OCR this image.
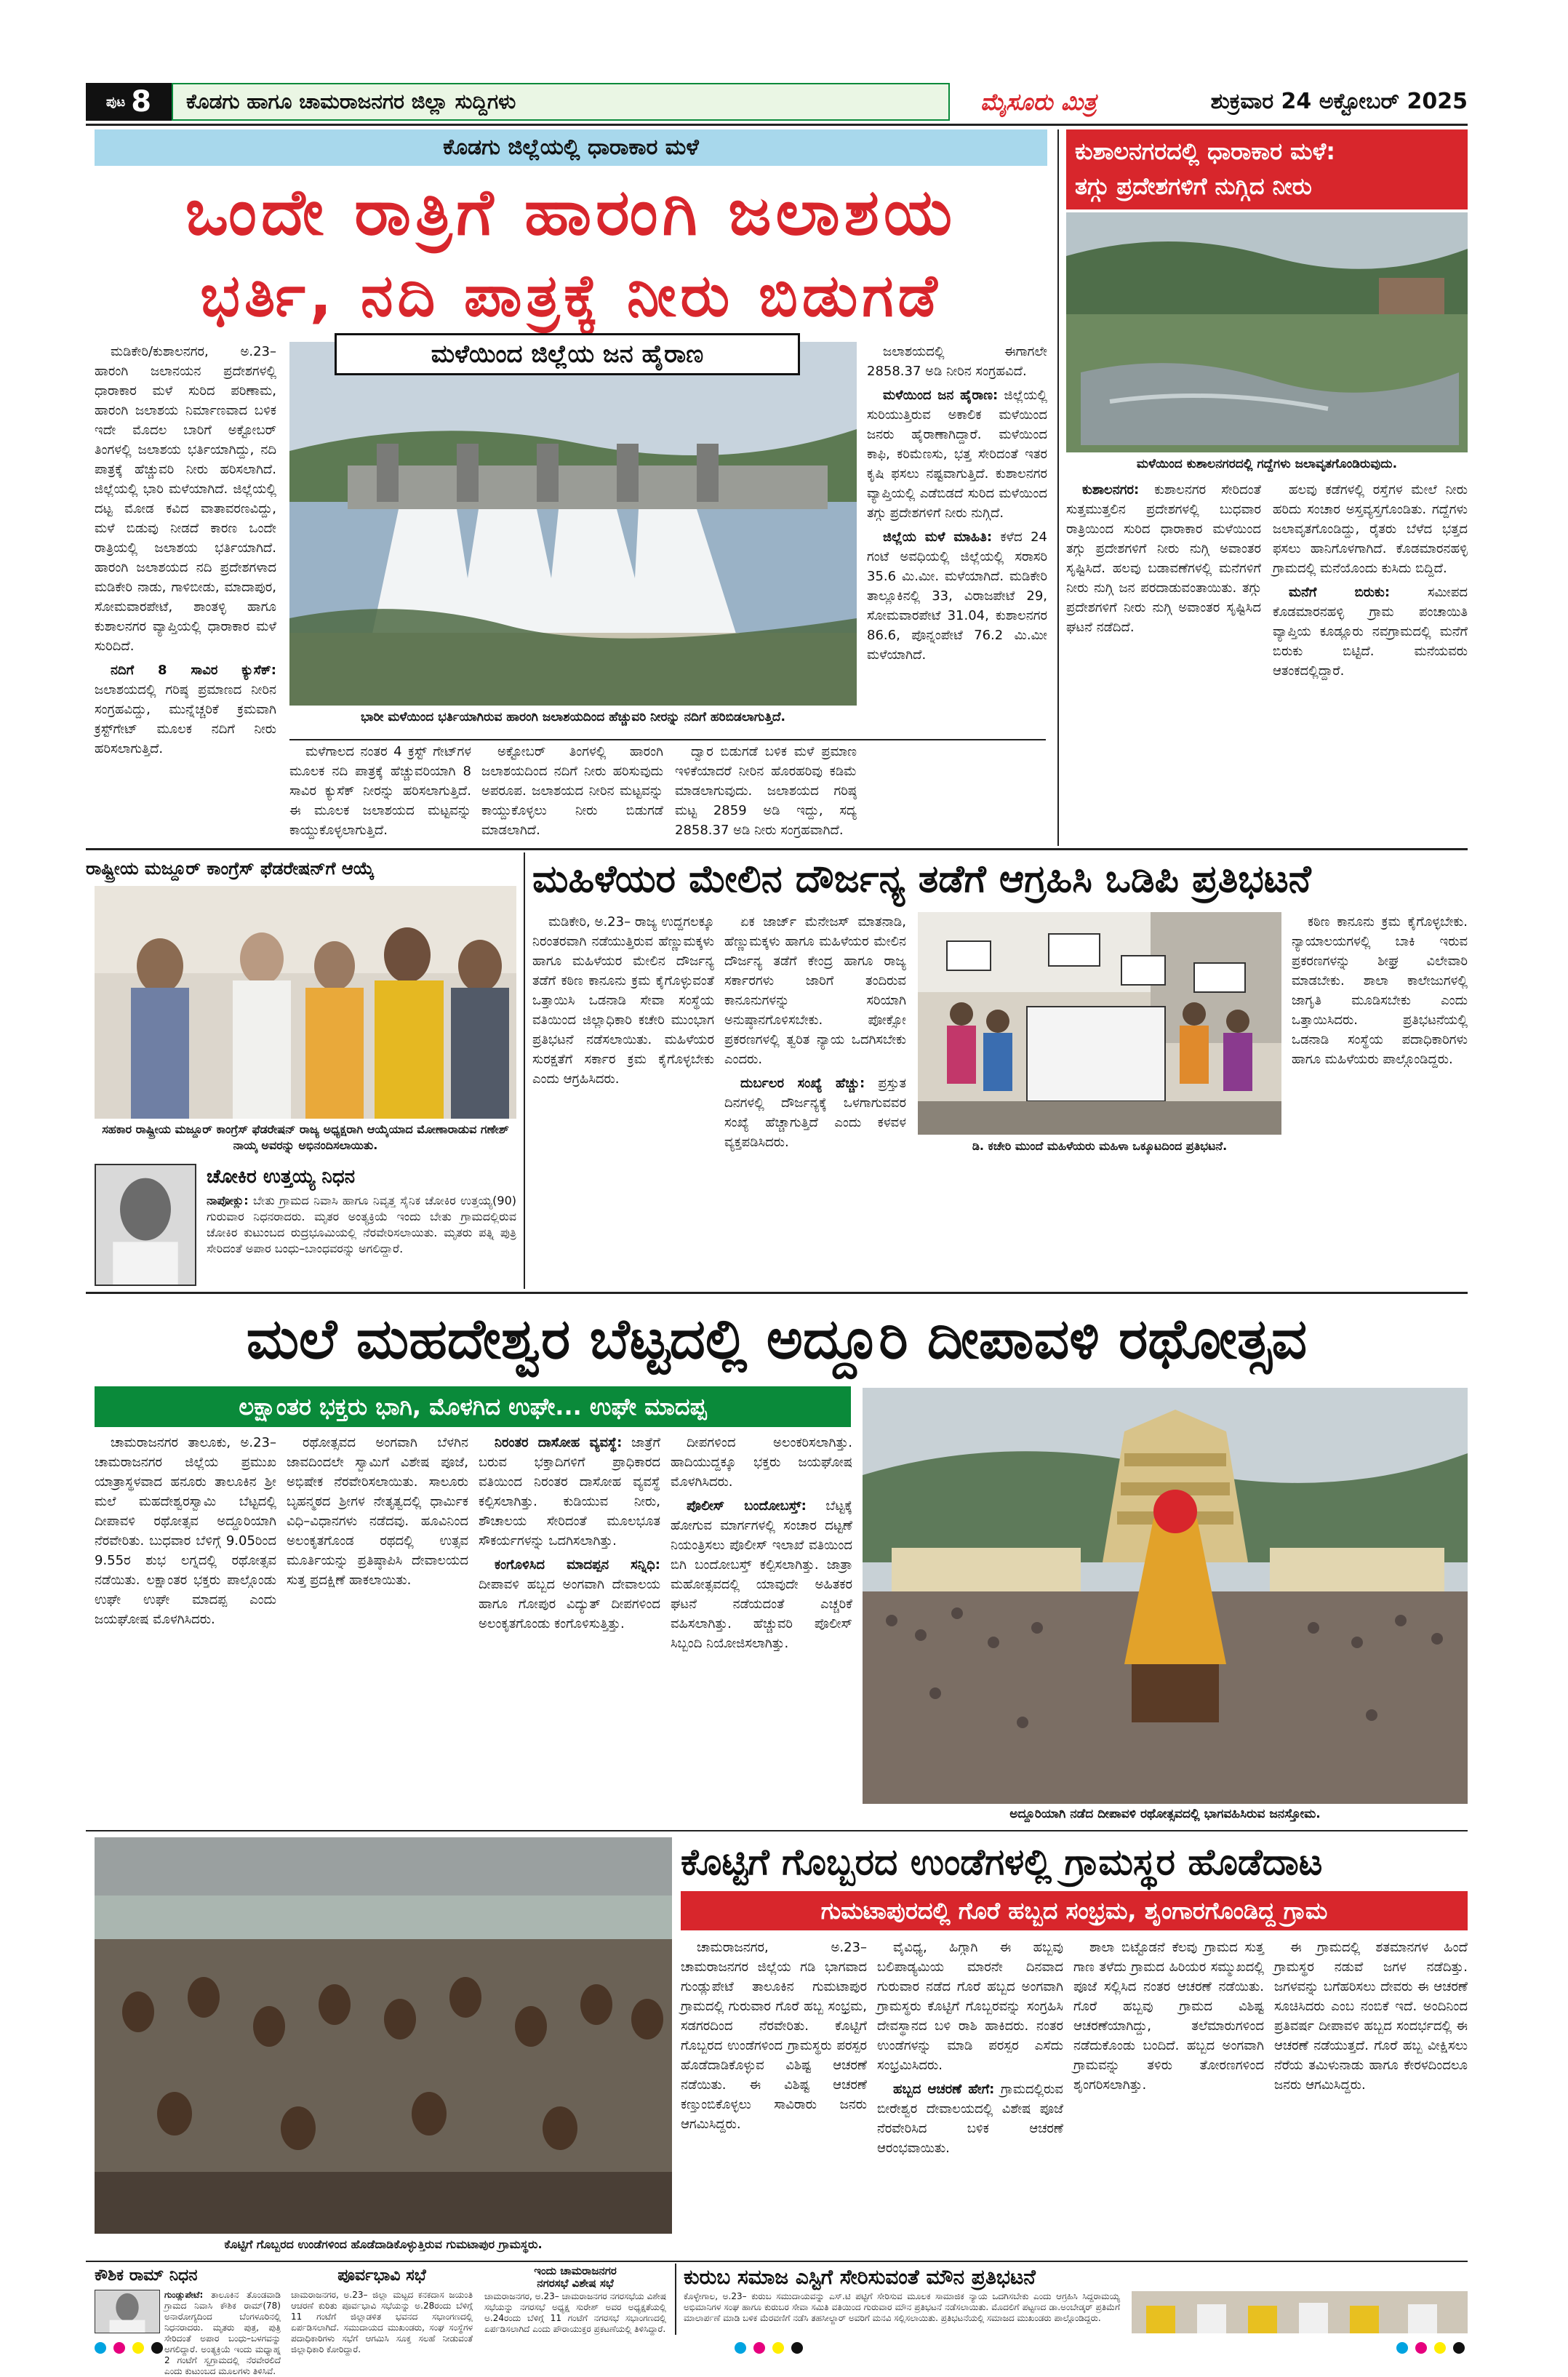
ಪುಟ 8	ಕೊಡಗು ಹಾಗೂ ಚಾಮರಾಜನಗರ ಜಿಲ್ಲಾ ಸುದ್ದಿಗಳು	ಮೈಸೂರು ಮಿತ್ರ	ಶುಕ್ರವಾರ 24 ಅಕ್ಟೋಬರ್ 2025
ಕೊಡಗು ಜಿಲ್ಲೆಯಲ್ಲಿ ಧಾರಾಕಾರ ಮಳೆ
ಒಂದೇ ರಾತ್ರಿಗೆ ಹಾರಂಗಿ ಜಲಾಶಯ
ಭರ್ತಿ, ನದಿ ಪಾತ್ರಕ್ಕೆ ನೀರು ಬಿಡುಗಡೆ

ಮಡಿಕೇರಿ/ಕುಶಾಲನಗರ, ಅ.23– ಹಾರಂಗಿ ಜಲಾನಯನ ಪ್ರದೇಶಗಳಲ್ಲಿ ಧಾರಾಕಾರ ಮಳೆ ಸುರಿದ ಪರಿಣಾಮ, ಹಾರಂಗಿ ಜಲಾಶಯ ನಿರ್ಮಾಣವಾದ ಬಳಿಕ ಇದೇ ಮೊದಲ ಬಾರಿಗೆ ಅಕ್ಟೋಬರ್ ತಿಂಗಳಲ್ಲಿ ಜಲಾಶಯ ಭರ್ತಿಯಾಗಿದ್ದು, ನದಿ ಪಾತ್ರಕ್ಕೆ ಹೆಚ್ಚುವರಿ ನೀರು ಹರಿಸಲಾಗಿದೆ. ಜಿಲ್ಲೆಯಲ್ಲಿ ಭಾರಿ ಮಳೆಯಾಗಿದೆ. ಜಿಲ್ಲೆಯಲ್ಲಿ ದಟ್ಟ ಮೋಡ ಕವಿದ ವಾತಾವರಣವಿದ್ದು, ಮಳೆ ಬಿಡುವು ನೀಡದೆ ಕಾರಣ ಒಂದೇ ರಾತ್ರಿಯಲ್ಲಿ ಜಲಾಶಯ ಭರ್ತಿಯಾಗಿದೆ. ಹಾರಂಗಿ ಜಲಾಶಯದ ನದಿ ಪ್ರದೇಶಗಳಾದ ಮಡಿಕೇರಿ ನಾಡು, ಗಾಳಿಬೀಡು, ಮಾದಾಪುರ, ಸೋಮವಾರಪೇಟೆ, ಶಾಂತಳ್ಳಿ ಹಾಗೂ ಕುಶಾಲನಗರ ವ್ಯಾಪ್ತಿಯಲ್ಲಿ ಧಾರಾಕಾರ ಮಳೆ ಸುರಿದಿದೆ.

ನದಿಗೆ 8 ಸಾವಿರ ಕ್ಯುಸೆಕ್: ಜಲಾಶಯದಲ್ಲಿ ಗರಿಷ್ಠ ಪ್ರಮಾಣದ ನೀರಿನ ಸಂಗ್ರಹವಿದ್ದು, ಮುನ್ನೆಚ್ಚರಿಕೆ ಕ್ರಮವಾಗಿ ಕ್ರಸ್ಟ್‌ಗೇಟ್ ಮೂಲಕ ನದಿಗೆ ನೀರು ಹರಿಸಲಾಗುತ್ತಿದೆ.

ಮಳೆಯಿಂದ ಜಿಲ್ಲೆಯ ಜನ ಹೈರಾಣ
ಭಾರೀ ಮಳೆಯಿಂದ ಭರ್ತಿಯಾಗಿರುವ ಹಾರಂಗಿ ಜಲಾಶಯದಿಂದ ಹೆಚ್ಚುವರಿ ನೀರನ್ನು ನದಿಗೆ ಹರಿಬಿಡಲಾಗುತ್ತಿದೆ.

ಮಳೆಗಾಲದ ನಂತರ 4 ಕ್ರಸ್ಟ್ ಗೇಟ್‌ಗಳ ಮೂಲಕ ನದಿ ಪಾತ್ರಕ್ಕೆ ಹೆಚ್ಚುವರಿಯಾಗಿ 8 ಸಾವಿರ ಕ್ಯುಸೆಕ್ ನೀರನ್ನು ಹರಿಸಲಾಗುತ್ತಿದೆ. ಈ ಮೂಲಕ ಜಲಾಶಯದ ಮಟ್ಟವನ್ನು ಕಾಯ್ದುಕೊಳ್ಳಲಾಗುತ್ತಿದೆ.

ಅಕ್ಟೋಬರ್ ತಿಂಗಳಲ್ಲಿ ಹಾರಂಗಿ ಜಲಾಶಯದಿಂದ ನದಿಗೆ ನೀರು ಹರಿಸುವುದು ಅಪರೂಪ. ಜಲಾಶಯದ ನೀರಿನ ಮಟ್ಟವನ್ನು ಕಾಯ್ದುಕೊಳ್ಳಲು ನೀರು ಬಿಡುಗಡೆ ಮಾಡಲಾಗಿದೆ.

ದ್ವಾರ ಬಿಡುಗಡೆ ಬಳಿಕ ಮಳೆ ಪ್ರಮಾಣ ಇಳಿಕೆಯಾದರೆ ನೀರಿನ ಹೊರಹರಿವು ಕಡಿಮೆ ಮಾಡಲಾಗುವುದು. ಜಲಾಶಯದ ಗರಿಷ್ಠ ಮಟ್ಟ 2859 ಅಡಿ ಇದ್ದು, ಸದ್ಯ 2858.37 ಅಡಿ ನೀರು ಸಂಗ್ರಹವಾಗಿದೆ.

ಜಲಾಶಯದಲ್ಲಿ ಈಗಾಗಲೇ 2858.37 ಅಡಿ ನೀರಿನ ಸಂಗ್ರಹವಿದೆ.

ಮಳೆಯಿಂದ ಜನ ಹೈರಾಣ: ಜಿಲ್ಲೆಯಲ್ಲಿ ಸುರಿಯುತ್ತಿರುವ ಅಕಾಲಿಕ ಮಳೆಯಿಂದ ಜನರು ಹೈರಾಣಾಗಿದ್ದಾರೆ. ಮಳೆಯಿಂದ ಕಾಫಿ, ಕರಿಮೆಣಸು, ಭತ್ತ ಸೇರಿದಂತೆ ಇತರ ಕೃಷಿ ಫಸಲು ನಷ್ಟವಾಗುತ್ತಿದೆ. ಕುಶಾಲನಗರ ವ್ಯಾಪ್ತಿಯಲ್ಲಿ ಎಡೆಬಿಡದೆ ಸುರಿದ ಮಳೆಯಿಂದ ತಗ್ಗು ಪ್ರದೇಶಗಳಿಗೆ ನೀರು ನುಗ್ಗಿದೆ.

ಜಿಲ್ಲೆಯ ಮಳೆ ಮಾಹಿತಿ: ಕಳೆದ 24 ಗಂಟೆ ಅವಧಿಯಲ್ಲಿ ಜಿಲ್ಲೆಯಲ್ಲಿ ಸರಾಸರಿ 35.6 ಮಿ.ಮೀ. ಮಳೆಯಾಗಿದೆ. ಮಡಿಕೇರಿ ತಾಲ್ಲೂಕಿನಲ್ಲಿ 33, ವಿರಾಜಪೇಟೆ 29, ಸೋಮವಾರಪೇಟೆ 31.04, ಕುಶಾಲನಗರ 86.6, ಪೊನ್ನಂಪೇಟೆ 76.2 ಮಿ.ಮೀ ಮಳೆಯಾಗಿದೆ.

ಕುಶಾಲನಗರದಲ್ಲಿ ಧಾರಾಕಾರ ಮಳೆ:
ತಗ್ಗು ಪ್ರದೇಶಗಳಿಗೆ ನುಗ್ಗಿದ ನೀರು
ಮಳೆಯಿಂದ ಕುಶಾಲನಗರದಲ್ಲಿ ಗದ್ದೆಗಳು ಜಲಾವೃತಗೊಂಡಿರುವುದು.

ಕುಶಾಲನಗರ: ಕುಶಾಲನಗರ ಸೇರಿದಂತೆ ಸುತ್ತಮುತ್ತಲಿನ ಪ್ರದೇಶಗಳಲ್ಲಿ ಬುಧವಾರ ರಾತ್ರಿಯಿಂದ ಸುರಿದ ಧಾರಾಕಾರ ಮಳೆಯಿಂದ ತಗ್ಗು ಪ್ರದೇಶಗಳಿಗೆ ನೀರು ನುಗ್ಗಿ ಅವಾಂತರ ಸೃಷ್ಟಿಸಿದೆ. ಹಲವು ಬಡಾವಣೆಗಳಲ್ಲಿ ಮನೆಗಳಿಗೆ ನೀರು ನುಗ್ಗಿ ಜನ ಪರದಾಡುವಂತಾಯಿತು. ತಗ್ಗು ಪ್ರದೇಶಗಳಿಗೆ ನೀರು ನುಗ್ಗಿ ಅವಾಂತರ ಸೃಷ್ಟಿಸಿದ ಘಟನೆ ನಡೆದಿದೆ.

ಹಲವು ಕಡೆಗಳಲ್ಲಿ ರಸ್ತೆಗಳ ಮೇಲೆ ನೀರು ಹರಿದು ಸಂಚಾರ ಅಸ್ತವ್ಯಸ್ತಗೊಂಡಿತು. ಗದ್ದೆಗಳು ಜಲಾವೃತಗೊಂಡಿದ್ದು, ರೈತರು ಬೆಳೆದ ಭತ್ತದ ಫಸಲು ಹಾನಿಗೊಳಗಾಗಿದೆ. ಕೊಡಮಾರನಹಳ್ಳಿ ಗ್ರಾಮದಲ್ಲಿ ಮನೆಯೊಂದು ಕುಸಿದು ಬಿದ್ದಿದೆ.

ಮನೆಗೆ ಬಿರುಕು:	ಸಮೀಪದ ಕೊಡಮಾರನಹಳ್ಳಿ ಗ್ರಾಮ ಪಂಚಾಯಿತಿ ವ್ಯಾಪ್ತಿಯ ಕೂಡ್ಲೂರು ನವಗ್ರಾಮದಲ್ಲಿ ಮನೆಗೆ ಬಿರುಕು ಬಿಟ್ಟಿದೆ. ಮನೆಯವರು ಆತಂಕದಲ್ಲಿದ್ದಾರೆ.

ರಾಷ್ಟ್ರೀಯ ಮಜ್ದೂರ್ ಕಾಂಗ್ರೆಸ್ ಫೆಡರೇಷನ್‌ಗೆ ಆಯ್ಕೆ
ಸಹಕಾರ ರಾಷ್ಟ್ರೀಯ ಮಜ್ದೂರ್ ಕಾಂಗ್ರೆಸ್ ಫೆಡರೇಷನ್ ರಾಜ್ಯ ಅಧ್ಯಕ್ಷರಾಗಿ ಆಯ್ಕೆಯಾದ ಮೋಣಾರಾಡುವ ಗಣೇಶ್ ನಾಯ್ಕ ಅವರನ್ನು ಅಭಿನಂದಿಸಲಾಯಿತು.
ಚೋಕಿರ ಉತ್ತಯ್ಯ ನಿಧನ
ನಾಪೋಕ್ಲು: ಬೇತು ಗ್ರಾಮದ ನಿವಾಸಿ ಹಾಗೂ ನಿವೃತ್ತ ಸೈನಿಕ ಚೋಕಿರ ಉತ್ತಯ್ಯ(90) ಗುರುವಾರ ನಿಧನರಾದರು. ಮೃತರ ಅಂತ್ಯಕ್ರಿಯೆ ಇಂದು ಬೇತು ಗ್ರಾಮದಲ್ಲಿರುವ ಚೋಕಿರ ಕುಟುಂಬದ ರುದ್ರಭೂಮಿಯಲ್ಲಿ ನೆರವೇರಿಸಲಾಯಿತು. ಮೃತರು ಪತ್ನಿ ಪುತ್ರಿ ಸೇರಿದಂತೆ ಅಪಾರ ಬಂಧು–ಬಾಂಧವರನ್ನು ಅಗಲಿದ್ದಾರೆ.
ಮಹಿಳೆಯರ ಮೇಲಿನ ದೌರ್ಜನ್ಯ ತಡೆಗೆ ಆಗ್ರಹಿಸಿ ಒಡಿಪಿ ಪ್ರತಿಭಟನೆ

ಮಡಿಕೇರಿ, ಅ.23– ರಾಜ್ಯ ಉದ್ದಗಲಕ್ಕೂ ನಿರಂತರವಾಗಿ ನಡೆಯುತ್ತಿರುವ ಹೆಣ್ಣುಮಕ್ಕಳು ಹಾಗೂ ಮಹಿಳೆಯರ ಮೇಲಿನ ದೌರ್ಜನ್ಯ ತಡೆಗೆ ಕಠಿಣ ಕಾನೂನು ಕ್ರಮ ಕೈಗೊಳ್ಳುವಂತೆ ಒತ್ತಾಯಿಸಿ ಒಡನಾಡಿ ಸೇವಾ ಸಂಸ್ಥೆಯ ವತಿಯಿಂದ ಜಿಲ್ಲಾಧಿಕಾರಿ ಕಚೇರಿ ಮುಂಭಾಗ ಪ್ರತಿಭಟನೆ ನಡೆಸಲಾಯಿತು. ಮಹಿಳೆಯರ ಸುರಕ್ಷತೆಗೆ ಸರ್ಕಾರ ಕ್ರಮ ಕೈಗೊಳ್ಳಬೇಕು ಎಂದು ಆಗ್ರಹಿಸಿದರು.

ಏಕ ಜಾರ್ಜ್ ಮೆನೇಜಸ್ ಮಾತನಾಡಿ, ಹೆಣ್ಣುಮಕ್ಕಳು ಹಾಗೂ ಮಹಿಳೆಯರ ಮೇಲಿನ ದೌರ್ಜನ್ಯ ತಡೆಗೆ ಕೇಂದ್ರ ಹಾಗೂ ರಾಜ್ಯ ಸರ್ಕಾರಗಳು ಜಾರಿಗೆ ತಂದಿರುವ ಕಾನೂನುಗಳನ್ನು ಸರಿಯಾಗಿ ಅನುಷ್ಠಾನಗೊಳಿಸಬೇಕು. ಪೋಕ್ಸೋ ಪ್ರಕರಣಗಳಲ್ಲಿ ತ್ವರಿತ ನ್ಯಾಯ ಒದಗಿಸಬೇಕು ಎಂದರು.

ದುರ್ಬಲರ ಸಂಖ್ಯೆ ಹೆಚ್ಚು: ಪ್ರಸ್ತುತ ದಿನಗಳಲ್ಲಿ ದೌರ್ಜನ್ಯಕ್ಕೆ ಒಳಗಾಗುವವರ ಸಂಖ್ಯೆ ಹೆಚ್ಚಾಗುತ್ತಿದೆ ಎಂದು ಕಳವಳ ವ್ಯಕ್ತಪಡಿಸಿದರು.	ಡಿ. ಕಚೇರಿ ಮುಂದೆ ಮಹಿಳೆಯರು ಮಹಿಳಾ ಒಕ್ಕೂಟದಿಂದ ಪ್ರತಿಭಟನೆ.

ಕಠಿಣ ಕಾನೂನು ಕ್ರಮ ಕೈಗೊಳ್ಳಬೇಕು. ನ್ಯಾಯಾಲಯಗಳಲ್ಲಿ ಬಾಕಿ ಇರುವ ಪ್ರಕರಣಗಳನ್ನು ಶೀಘ್ರ ವಿಲೇವಾರಿ ಮಾಡಬೇಕು. ಶಾಲಾ ಕಾಲೇಜುಗಳಲ್ಲಿ ಜಾಗೃತಿ ಮೂಡಿಸಬೇಕು ಎಂದು ಒತ್ತಾಯಿಸಿದರು. ಪ್ರತಿಭಟನೆಯಲ್ಲಿ ಒಡನಾಡಿ ಸಂಸ್ಥೆಯ ಪದಾಧಿಕಾರಿಗಳು ಹಾಗೂ ಮಹಿಳೆಯರು ಪಾಲ್ಗೊಂಡಿದ್ದರು.

ಮಲೆ ಮಹದೇಶ್ವರ ಬೆಟ್ಟದಲ್ಲಿ ಅದ್ದೂರಿ ದೀಪಾವಳಿ ರಥೋತ್ಸವ
ಲಕ್ಷಾಂತರ ಭಕ್ತರು ಭಾಗಿ, ಮೊಳಗಿದ ಉಘೇ... ಉಘೇ ಮಾದಪ್ಪ

ಚಾಮರಾಜನಗರ ತಾಲೂಕು, ಅ.23– ಚಾಮರಾಜನಗರ ಜಿಲ್ಲೆಯ ಪ್ರಮುಖ ಯಾತ್ರಾಸ್ಥಳವಾದ ಹನೂರು ತಾಲೂಕಿನ ಶ್ರೀ ಮಲೆ ಮಹದೇಶ್ವರಸ್ವಾಮಿ ಬೆಟ್ಟದಲ್ಲಿ ದೀಪಾವಳಿ ರಥೋತ್ಸವ ಅದ್ದೂರಿಯಾಗಿ ನೆರವೇರಿತು. ಬುಧವಾರ ಬೆಳಿಗ್ಗೆ 9.05ರಿಂದ 9.55ರ ಶುಭ ಲಗ್ನದಲ್ಲಿ ರಥೋತ್ಸವ ನಡೆಯಿತು. ಲಕ್ಷಾಂತರ ಭಕ್ತರು ಪಾಲ್ಗೊಂಡು ಉಘೇ ಉಘೇ ಮಾದಪ್ಪ ಎಂದು ಜಯಘೋಷ ಮೊಳಗಿಸಿದರು.

ರಥೋತ್ಸವದ ಅಂಗವಾಗಿ ಬೆಳಗಿನ ಜಾವದಿಂದಲೇ ಸ್ವಾಮಿಗೆ ವಿಶೇಷ ಪೂಜೆ, ಅಭಿಷೇಕ ನೆರವೇರಿಸಲಾಯಿತು. ಸಾಲೂರು ಬೃಹನ್ಮಠದ ಶ್ರೀಗಳ ನೇತೃತ್ವದಲ್ಲಿ ಧಾರ್ಮಿಕ ವಿಧಿ–ವಿಧಾನಗಳು ನಡೆದವು. ಹೂವಿನಿಂದ ಅಲಂಕೃತಗೊಂಡ ರಥದಲ್ಲಿ ಉತ್ಸವ ಮೂರ್ತಿಯನ್ನು ಪ್ರತಿಷ್ಠಾಪಿಸಿ ದೇವಾಲಯದ ಸುತ್ತ ಪ್ರದಕ್ಷಿಣೆ ಹಾಕಲಾಯಿತು.

ನಿರಂತರ ದಾಸೋಹ ವ್ಯವಸ್ಥೆ: ಜಾತ್ರೆಗೆ ಬರುವ ಭಕ್ತಾದಿಗಳಿಗೆ ಪ್ರಾಧಿಕಾರದ ವತಿಯಿಂದ ನಿರಂತರ ದಾಸೋಹ ವ್ಯವಸ್ಥೆ ಕಲ್ಪಿಸಲಾಗಿತ್ತು. ಕುಡಿಯುವ ನೀರು, ಶೌಚಾಲಯ ಸೇರಿದಂತೆ ಮೂಲಭೂತ ಸೌಕರ್ಯಗಳನ್ನು ಒದಗಿಸಲಾಗಿತ್ತು.

ಕಂಗೊಳಿಸಿದ ಮಾದಪ್ಪನ ಸನ್ನಿಧಿ: ದೀಪಾವಳಿ ಹಬ್ಬದ ಅಂಗವಾಗಿ ದೇವಾಲಯ ಹಾಗೂ ಗೋಪುರ ವಿದ್ಯುತ್ ದೀಪಗಳಿಂದ ಅಲಂಕೃತಗೊಂಡು ಕಂಗೊಳಿಸುತ್ತಿತ್ತು.

ದೀಪಗಳಿಂದ ಅಲಂಕರಿಸಲಾಗಿತ್ತು. ಹಾದಿಯುದ್ದಕ್ಕೂ ಭಕ್ತರು ಜಯಘೋಷ ಮೊಳಗಿಸಿದರು.

ಪೊಲೀಸ್ ಬಂದೋಬಸ್ತ್: ಬೆಟ್ಟಕ್ಕೆ ಹೋಗುವ ಮಾರ್ಗಗಳಲ್ಲಿ ಸಂಚಾರ ದಟ್ಟಣೆ ನಿಯಂತ್ರಿಸಲು ಪೊಲೀಸ್ ಇಲಾಖೆ ವತಿಯಿಂದ ಬಿಗಿ ಬಂದೋಬಸ್ತ್ ಕಲ್ಪಿಸಲಾಗಿತ್ತು. ಜಾತ್ರಾ ಮಹೋತ್ಸವದಲ್ಲಿ ಯಾವುದೇ ಅಹಿತಕರ ಘಟನೆ ನಡೆಯದಂತೆ ಎಚ್ಚರಿಕೆ ವಹಿಸಲಾಗಿತ್ತು. ಹೆಚ್ಚುವರಿ ಪೊಲೀಸ್ ಸಿಬ್ಬಂದಿ ನಿಯೋಜಿಸಲಾಗಿತ್ತು.

ಅದ್ದೂರಿಯಾಗಿ ನಡೆದ ದೀಪಾವಳಿ ರಥೋತ್ಸವದಲ್ಲಿ ಭಾಗವಹಿಸಿರುವ ಜನಸ್ತೋಮ.
ಕೊಟ್ಟಿಗೆ ಗೊಬ್ಬರದ ಉಂಡೆಗಳಿಂದ ಹೊಡೆದಾಡಿಕೊಳ್ಳುತ್ತಿರುವ ಗುಮಟಾಪುರ ಗ್ರಾಮಸ್ಥರು.
ಕೊಟ್ಟಿಗೆ ಗೊಬ್ಬರದ ಉಂಡೆಗಳಲ್ಲಿ ಗ್ರಾಮಸ್ಥರ ಹೊಡೆದಾಟ
ಗುಮಟಾಪುರದಲ್ಲಿ ಗೊರೆ ಹಬ್ಬದ ಸಂಭ್ರಮ, ಶೃಂಗಾರಗೊಂಡಿದ್ದ ಗ್ರಾಮ

ಚಾಮರಾಜನಗರ, ಅ.23– ಚಾಮರಾಜನಗರ ಜಿಲ್ಲೆಯ ಗಡಿ ಭಾಗವಾದ ಗುಂಡ್ಲುಪೇಟೆ ತಾಲೂಕಿನ ಗುಮಟಾಪುರ ಗ್ರಾಮದಲ್ಲಿ ಗುರುವಾರ ಗೊರೆ ಹಬ್ಬ ಸಂಭ್ರಮ, ಸಡಗರದಿಂದ ನೆರವೇರಿತು. ಕೊಟ್ಟಿಗೆ ಗೊಬ್ಬರದ ಉಂಡೆಗಳಿಂದ ಗ್ರಾಮಸ್ಥರು ಪರಸ್ಪರ ಹೊಡೆದಾಡಿಕೊಳ್ಳುವ ವಿಶಿಷ್ಟ ಆಚರಣೆ ನಡೆಯಿತು. ಈ ವಿಶಿಷ್ಟ ಆಚರಣೆ ಕಣ್ತುಂಬಿಕೊಳ್ಳಲು ಸಾವಿರಾರು ಜನರು ಆಗಮಿಸಿದ್ದರು.

ವೈವಿಧ್ಯ, ಹಿಗ್ಗಾಗಿ ಈ ಹಬ್ಬವು ಬಲಿಪಾಡ್ಯಮಿಯ ಮಾರನೇ ದಿನವಾದ ಗುರುವಾರ ನಡೆದ ಗೊರೆ ಹಬ್ಬದ ಅಂಗವಾಗಿ ಗ್ರಾಮಸ್ಥರು ಕೊಟ್ಟಿಗೆ ಗೊಬ್ಬರವನ್ನು ಸಂಗ್ರಹಿಸಿ ದೇವಸ್ಥಾನದ ಬಳಿ ರಾಶಿ ಹಾಕಿದರು. ನಂತರ ಉಂಡೆಗಳನ್ನು ಮಾಡಿ ಪರಸ್ಪರ ಎಸೆದು ಸಂಭ್ರಮಿಸಿದರು.

ಹಬ್ಬದ ಆಚರಣೆ ಹೇಗೆ: ಗ್ರಾಮದಲ್ಲಿರುವ ಬೀರೇಶ್ವರ ದೇವಾಲಯದಲ್ಲಿ ವಿಶೇಷ ಪೂಜೆ ನೆರವೇರಿಸಿದ ಬಳಿಕ ಆಚರಣೆ ಆರಂಭವಾಯಿತು.

ಶಾಲಾ ಬಿಟ್ಟೊಡನೆ ಕೆಲವು ಗ್ರಾಮದ ಸುತ್ತ ಗಾಣ ತಳೆದು ಗ್ರಾಮದ ಹಿರಿಯರ ಸಮ್ಮುಖದಲ್ಲಿ ಪೂಜೆ ಸಲ್ಲಿಸಿದ ನಂತರ ಆಚರಣೆ ನಡೆಯಿತು. ಗೊರೆ ಹಬ್ಬವು ಗ್ರಾಮದ ವಿಶಿಷ್ಟ ಆಚರಣೆಯಾಗಿದ್ದು, ತಲೆಮಾರುಗಳಿಂದ ನಡೆದುಕೊಂಡು ಬಂದಿದೆ. ಹಬ್ಬದ ಅಂಗವಾಗಿ ಗ್ರಾಮವನ್ನು ತಳಿರು ತೋರಣಗಳಿಂದ ಶೃಂಗರಿಸಲಾಗಿತ್ತು.

ಈ ಗ್ರಾಮದಲ್ಲಿ ಶತಮಾನಗಳ ಹಿಂದೆ ಗ್ರಾಮಸ್ಥರ ನಡುವೆ ಜಗಳ ನಡೆದಿತ್ತು. ಜಗಳವನ್ನು ಬಗೆಹರಿಸಲು ದೇವರು ಈ ಆಚರಣೆ ಸೂಚಿಸಿದರು ಎಂಬ ನಂಬಿಕೆ ಇದೆ. ಅಂದಿನಿಂದ ಪ್ರತಿವರ್ಷ ದೀಪಾವಳಿ ಹಬ್ಬದ ಸಂದರ್ಭದಲ್ಲಿ ಈ ಆಚರಣೆ ನಡೆಯುತ್ತದೆ. ಗೊರೆ ಹಬ್ಬ ವೀಕ್ಷಿಸಲು ನೆರೆಯ ತಮಿಳುನಾಡು ಹಾಗೂ ಕೇರಳದಿಂದಲೂ ಜನರು ಆಗಮಿಸಿದ್ದರು.

ಕೌಶಿಕ ರಾಮ್ ನಿಧನ
ಗುಂಡ್ಲುಪೇಟೆ: ತಾಲೂಕಿನ ತೊಂಡವಾಡಿ ಗ್ರಾಮದ ನಿವಾಸಿ ಕೌಶಿಕ ರಾಮ್(78) ಅನಾರೋಗ್ಯದಿಂದ ಬೆಂಗಳೂರಿನಲ್ಲಿ ನಿಧನರಾದರು. ಮೃತರು ಪುತ್ರ, ಪುತ್ರಿ ಸೇರಿದಂತೆ ಅಪಾರ ಬಂಧು–ಬಳಗವನ್ನು ಅಗಲಿದ್ದಾರೆ. ಅಂತ್ಯಕ್ರಿಯೆ ಇಂದು ಮಧ್ಯಾಹ್ನ 2 ಗಂಟೆಗೆ ಸ್ವಗ್ರಾಮದಲ್ಲಿ ನೆರವೇರಲಿದೆ ಎಂದು ಕುಟುಂಬದ ಮೂಲಗಳು ತಿಳಿಸಿವೆ.
ಪೂರ್ವಭಾವಿ ಸಭೆ
ಚಾಮರಾಜನಗರ, ಅ.23– ಜಿಲ್ಲಾ ಮಟ್ಟದ ಕನಕದಾಸ ಜಯಂತಿ ಆಚರಣೆ ಕುರಿತು ಪೂರ್ವಭಾವಿ ಸಭೆಯನ್ನು ಅ.28ರಂದು ಬೆಳಿಗ್ಗೆ 11 ಗಂಟೆಗೆ ಜಿಲ್ಲಾಡಳಿತ ಭವನದ ಸಭಾಂಗಣದಲ್ಲಿ ಏರ್ಪಡಿಸಲಾಗಿದೆ. ಸಮುದಾಯದ ಮುಖಂಡರು, ಸಂಘ ಸಂಸ್ಥೆಗಳ ಪದಾಧಿಕಾರಿಗಳು ಸಭೆಗೆ ಆಗಮಿಸಿ ಸೂಕ್ತ ಸಲಹೆ ನೀಡುವಂತೆ ಜಿಲ್ಲಾಧಿಕಾರಿ ಕೋರಿದ್ದಾರೆ.
ಇಂದು ಚಾಮರಾಜನಗರ
ನಗರಸಭೆ ವಿಶೇಷ ಸಭೆ
ಚಾಮರಾಜನಗರ, ಅ.23– ಚಾಮರಾಜನಗರ ನಗರಸಭೆಯ ವಿಶೇಷ ಸಭೆಯನ್ನು ನಗರಸಭೆ ಅಧ್ಯಕ್ಷ ಸುರೇಶ್ ಅವರ ಅಧ್ಯಕ್ಷತೆಯಲ್ಲಿ ಅ.24ರಂದು ಬೆಳಿಗ್ಗೆ 11 ಗಂಟೆಗೆ ನಗರಸಭೆ ಸಭಾಂಗಣದಲ್ಲಿ ಏರ್ಪಡಿಸಲಾಗಿದೆ ಎಂದು ಪೌರಾಯುಕ್ತರ ಪ್ರಕಟಣೆಯಲ್ಲಿ ತಿಳಿಸಿದ್ದಾರೆ.
ಕುರುಬ ಸಮಾಜ ಎಸ್ಟಿಗೆ ಸೇರಿಸುವಂತೆ ಮೌನ ಪ್ರತಿಭಟನೆ
ಕೊಳ್ಳೇಗಾಲ, ಅ.23– ಕುರುಬ ಸಮುದಾಯವನ್ನು ಎಸ್.ಟಿ ಪಟ್ಟಿಗೆ ಸೇರಿಸುವ ಮೂಲಕ ಸಾಮಾಜಿಕ ನ್ಯಾಯ ಒದಗಿಸಬೇಕು ಎಂದು ಆಗ್ರಹಿಸಿ ಸಿದ್ದರಾಮಯ್ಯ ಅಭಿಮಾನಿಗಳ ಸಂಘ ಹಾಗೂ ಕುರುಬರ ಸೇವಾ ಸಮಿತಿ ವತಿಯಿಂದ ಗುರುವಾರ ಮೌನ ಪ್ರತಿಭಟನೆ ನಡೆಸಲಾಯಿತು. ಮೊದಲಿಗೆ ಪಟ್ಟಣದ ಡಾ.ಅಂಬೇಡ್ಕರ್ ಪ್ರತಿಮೆಗೆ ಮಾಲಾರ್ಪಣೆ ಮಾಡಿ ಬಳಿಕ ಮೆರವಣಿಗೆ ನಡೆಸಿ ತಹಸೀಲ್ದಾರ್ ಅವರಿಗೆ ಮನವಿ ಸಲ್ಲಿಸಲಾಯಿತು. ಪ್ರತಿಭಟನೆಯಲ್ಲಿ ಸಮಾಜದ ಮುಖಂಡರು ಪಾಲ್ಗೊಂಡಿದ್ದರು.
